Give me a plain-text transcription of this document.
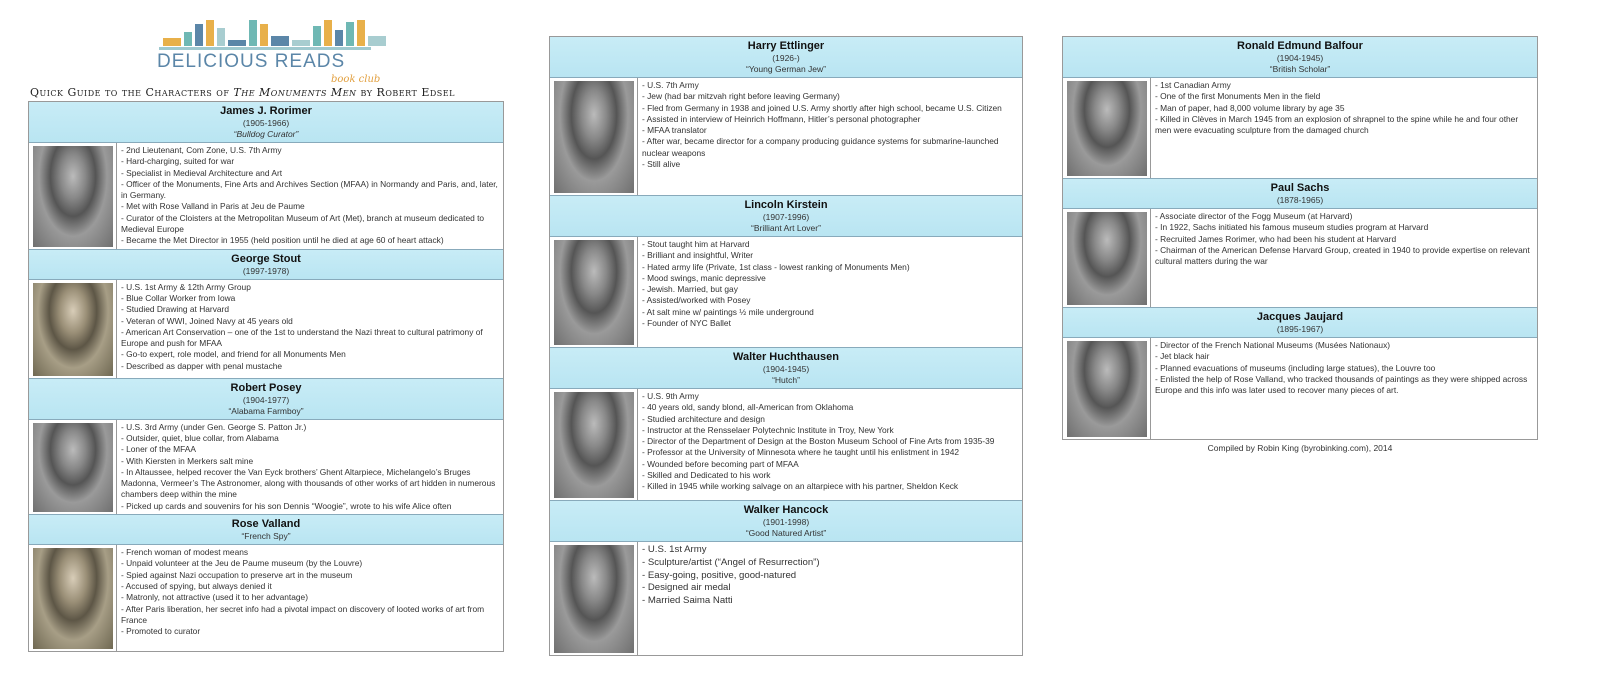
DELICIOUS READS
book club
Quick Guide to the Characters of The Monuments Men by Robert Edsel
James J. Rorimer
(1905-1966)
“Bulldog Curator”
- 2nd Lieutenant, Com Zone, U.S. 7th Army
- Hard-charging, suited for war
- Specialist in Medieval Architecture and Art
- Officer of the Monuments, Fine Arts and Archives Section (MFAA) in Normandy and Paris, and, later, in Germany.
- Met with Rose Valland in Paris at Jeu de Paume
- Curator of the Cloisters at the Metropolitan Museum of Art (Met), branch at museum dedicated to Medieval Europe
- Became the Met Director in 1955 (held position until he died at age 60 of heart attack)
George Stout
(1997-1978)
- U.S. 1st Army & 12th Army Group
- Blue Collar Worker from Iowa
- Studied Drawing at Harvard
- Veteran of WWI, Joined Navy at 45 years old
- American Art Conservation – one of the 1st to understand the Nazi threat to cultural patrimony of Europe and push for MFAA
- Go-to expert, role model, and friend for all Monuments Men
- Described as dapper with penal mustache
Robert Posey
(1904-1977)
“Alabama Farmboy”
- U.S. 3rd Army (under Gen. George S. Patton Jr.)
- Outsider, quiet, blue collar, from Alabama
- Loner of the MFAA
- With Kiersten in Merkers salt mine
- In Altaussee, helped recover the Van Eyck brothers’ Ghent Altarpiece, Michelangelo’s Bruges Madonna, Vermeer’s The Astronomer, along with thousands of other works of art hidden in numerous chambers deep within the mine
- Picked up cards and souvenirs for his son Dennis “Woogie”, wrote to his wife Alice often
Rose Valland
“French Spy”
- French woman of modest means
- Unpaid volunteer at the Jeu de Paume museum (by the Louvre)
- Spied against Nazi occupation to preserve art in the museum
- Accused of spying, but always denied it
- Matronly, not attractive (used it to her advantage)
- After Paris liberation, her secret info had a pivotal impact on discovery of looted works of art from France
- Promoted to curator
Harry Ettlinger
(1926-)
“Young German Jew”
- U.S. 7th Army
- Jew (had bar mitzvah right before leaving Germany)
- Fled from Germany in 1938 and joined U.S. Army shortly after high school, became U.S. Citizen
- Assisted in interview of Heinrich Hoffmann, Hitler’s personal photographer
- MFAA translator
- After war, became director for a company producing guidance systems for submarine-launched nuclear weapons
- Still alive
Lincoln Kirstein
(1907-1996)
“Brilliant Art Lover”
- Stout taught him at Harvard
- Brilliant and insightful, Writer
- Hated army life (Private, 1st class - lowest ranking of Monuments Men)
- Mood swings, manic depressive
- Jewish. Married, but gay
- Assisted/worked with Posey
- At salt mine w/ paintings ½ mile underground
- Founder of NYC Ballet
Walter Huchthausen
(1904-1945)
“Hutch”
- U.S. 9th Army
- 40 years old, sandy blond, all-American from Oklahoma
- Studied architecture and design
- Instructor at the Rensselaer Polytechnic Institute in Troy, New York
- Director of the Department of Design at the Boston Museum School of Fine Arts from 1935-39
- Professor at the University of Minnesota where he taught until his enlistment in 1942
- Wounded before becoming part of MFAA
- Skilled and Dedicated to his work
- Killed in 1945 while working salvage on an altarpiece with his partner, Sheldon Keck
Walker Hancock
(1901-1998)
“Good Natured Artist”
- U.S. 1st Army
- Sculpture/artist (“Angel of Resurrection”)
- Easy-going, positive, good-natured
- Designed air medal
- Married Saima Natti
Ronald Edmund Balfour
(1904-1945)
“British Scholar”
- 1st Canadian Army
- One of the first Monuments Men in the field
- Man of paper, had 8,000 volume library by age 35
- Killed in Clèves in March 1945 from an explosion of shrapnel to the spine while he and four other men were evacuating sculpture from the damaged church
Paul Sachs
(1878-1965)
- Associate director of the Fogg Museum (at Harvard)
- In 1922, Sachs initiated his famous museum studies program at Harvard
- Recruited James Rorimer, who had been his student at Harvard
- Chairman of the American Defense Harvard Group, created in 1940 to provide expertise on relevant cultural matters during the war
Jacques Jaujard
(1895-1967)
- Director of the French National Museums (Musées Nationaux)
- Jet black hair
- Planned evacuations of museums (including large statues), the Louvre too
- Enlisted the help of Rose Valland, who tracked thousands of paintings as they were shipped across Europe and this info was later used to recover many pieces of art.
Compiled by Robin King (byrobinking.com), 2014
